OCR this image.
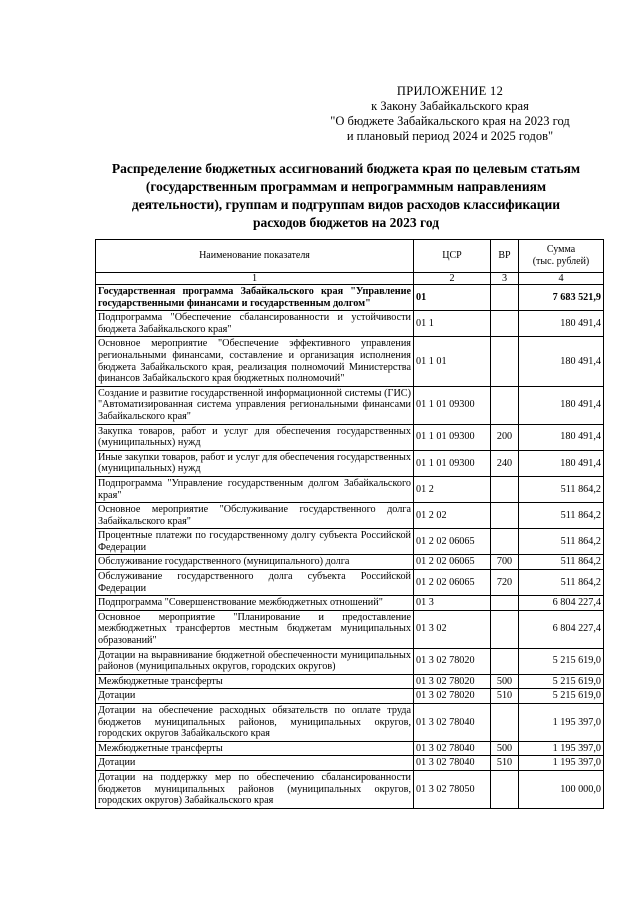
ПРИЛОЖЕНИЕ 12
к Закону Забайкальского края
"О бюджете Забайкальского края на 2023 год
и плановый период 2024 и 2025 годов"
Распределение бюджетных ассигнований бюджета края по целевым статьям
(государственным программам и непрограммным направлениям
деятельности), группам и подгруппам видов расходов классификации
расходов бюджетов на 2023 год
Наименование показателя	ЦСР	ВР	Сумма
(тыс. рублей)

1	2	3	4
Государственная программа Забайкальского края "Управление государственными финансами и государственным долгом"	01		7 683 521,9
Подпрограмма "Обеспечение сбалансированности и устойчивости бюджета Забайкальского края"	01 1		180 491,4
Основное мероприятие "Обеспечение эффективного управления региональными финансами, составление и организация исполнения бюджета Забайкальского края, реализация полномочий Министерства финансов Забайкальского края бюджетных полномочий"	01 1 01		180 491,4
Создание и развитие государственной информационной системы (ГИС) "Автоматизированная система управления региональными финансами Забайкальского края"	01 1 01 09300		180 491,4
Закупка товаров, работ и услуг для обеспечения государственных (муниципальных) нужд	01 1 01 09300	200	180 491,4
Иные закупки товаров, работ и услуг для обеспечения государственных (муниципальных) нужд	01 1 01 09300	240	180 491,4
Подпрограмма "Управление государственным долгом Забайкальского края"	01 2		511 864,2
Основное мероприятие "Обслуживание государственного долга Забайкальского края"	01 2 02		511 864,2
Процентные платежи по государственному долгу субъекта Российской Федерации	01 2 02 06065		511 864,2
Обслуживание государственного (муниципального) долга	01 2 02 06065	700	511 864,2
Обслуживание государственного долга субъекта Российской Федерации	01 2 02 06065	720	511 864,2
Подпрограмма "Совершенствование межбюджетных отношений"	01 3		6 804 227,4
Основное мероприятие "Планирование и предоставление межбюджетных трансфертов местным бюджетам муниципальных образований"	01 3 02		6 804 227,4
Дотации на выравнивание бюджетной обеспеченности муниципальных районов (муниципальных округов, городских округов)	01 3 02 78020		5 215 619,0
Межбюджетные трансферты	01 3 02 78020	500	5 215 619,0
Дотации	01 3 02 78020	510	5 215 619,0
Дотации на обеспечение расходных обязательств по оплате труда бюджетов муниципальных районов, муниципальных округов, городских округов Забайкальского края	01 3 02 78040		1 195 397,0
Межбюджетные трансферты	01 3 02 78040	500	1 195 397,0
Дотации	01 3 02 78040	510	1 195 397,0
Дотации на поддержку мер по обеспечению сбалансированности бюджетов муниципальных районов (муниципальных округов, городских округов) Забайкальского края	01 3 02 78050		100 000,0
